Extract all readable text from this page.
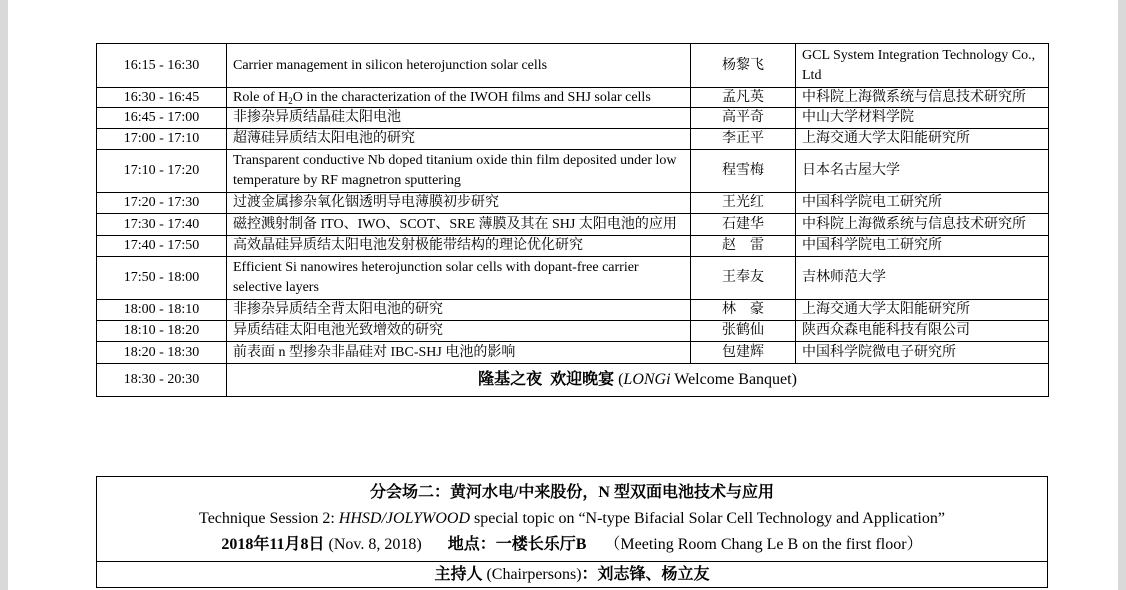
16:15 - 16:30	Carrier management in silicon heterojunction solar cells	杨黎飞	GCL System Integration Technology Co.,
Ltd

16:30 - 16:45	Role of $H_2O$ in the characterization of the IWOH films and SHJ solar cells	孟凡英	中科院上海微系统与信息技术研究所
16:45 - 17:00	非掺杂异质结晶硅太阳电池	高平奇	中山大学材料学院
17:00 - 17:10	超薄硅异质结太阳电池的研究	李正平	上海交通大学太阳能研究所
17:10 - 17:20	Transparent conductive Nb doped titanium oxide thin film deposited under low
temperature by RF magnetron sputtering	程雪梅	日本名古屋大学
17:20 - 17:30	过渡金属掺杂氧化铟透明导电薄膜初步研究	王光红	中国科学院电工研究所
17:30 - 17:40	磁控溅射制备 ITO、IWO、SCOT、SRE 薄膜及其在 SHJ 太阳电池的应用	石建华	中科院上海微系统与信息技术研究所
17:40 - 17:50	高效晶硅异质结太阳电池发射极能带结构的理论优化研究	赵　雷	中国科学院电工研究所
17:50 - 18:00	Efficient Si nanowires heterojunction solar cells with dopant-free carrier
selective layers	王奉友	吉林师范大学
18:00 - 18:10	非掺杂异质结全背太阳电池的研究	林　豪	上海交通大学太阳能研究所
18:10 - 18:20	异质结硅太阳电池光致增效的研究	张鹤仙	陕西众森电能科技有限公司
18:20 - 18:30	前表面 n 型掺杂非晶硅对 IBC-SHJ 电池的影响	包建辉	中国科学院微电子研究所
18:30 - 20:30	隆基之夜  欢迎晚宴 (LONGi Welcome Banquet)		
分会场二：黄河水电/中来股份，N 型双面电池技术与应用
Technique Session 2: HHSD/JOLYWOOD special topic on “N-type Bifacial Solar Cell Technology and Application”
2018年11月8日 (Nov. 8, 2018) 地点：一楼长乐厅B （Meeting Room Chang Le B on the first floor）
主持人 (Chairpersons)：刘志锋、杨立友
